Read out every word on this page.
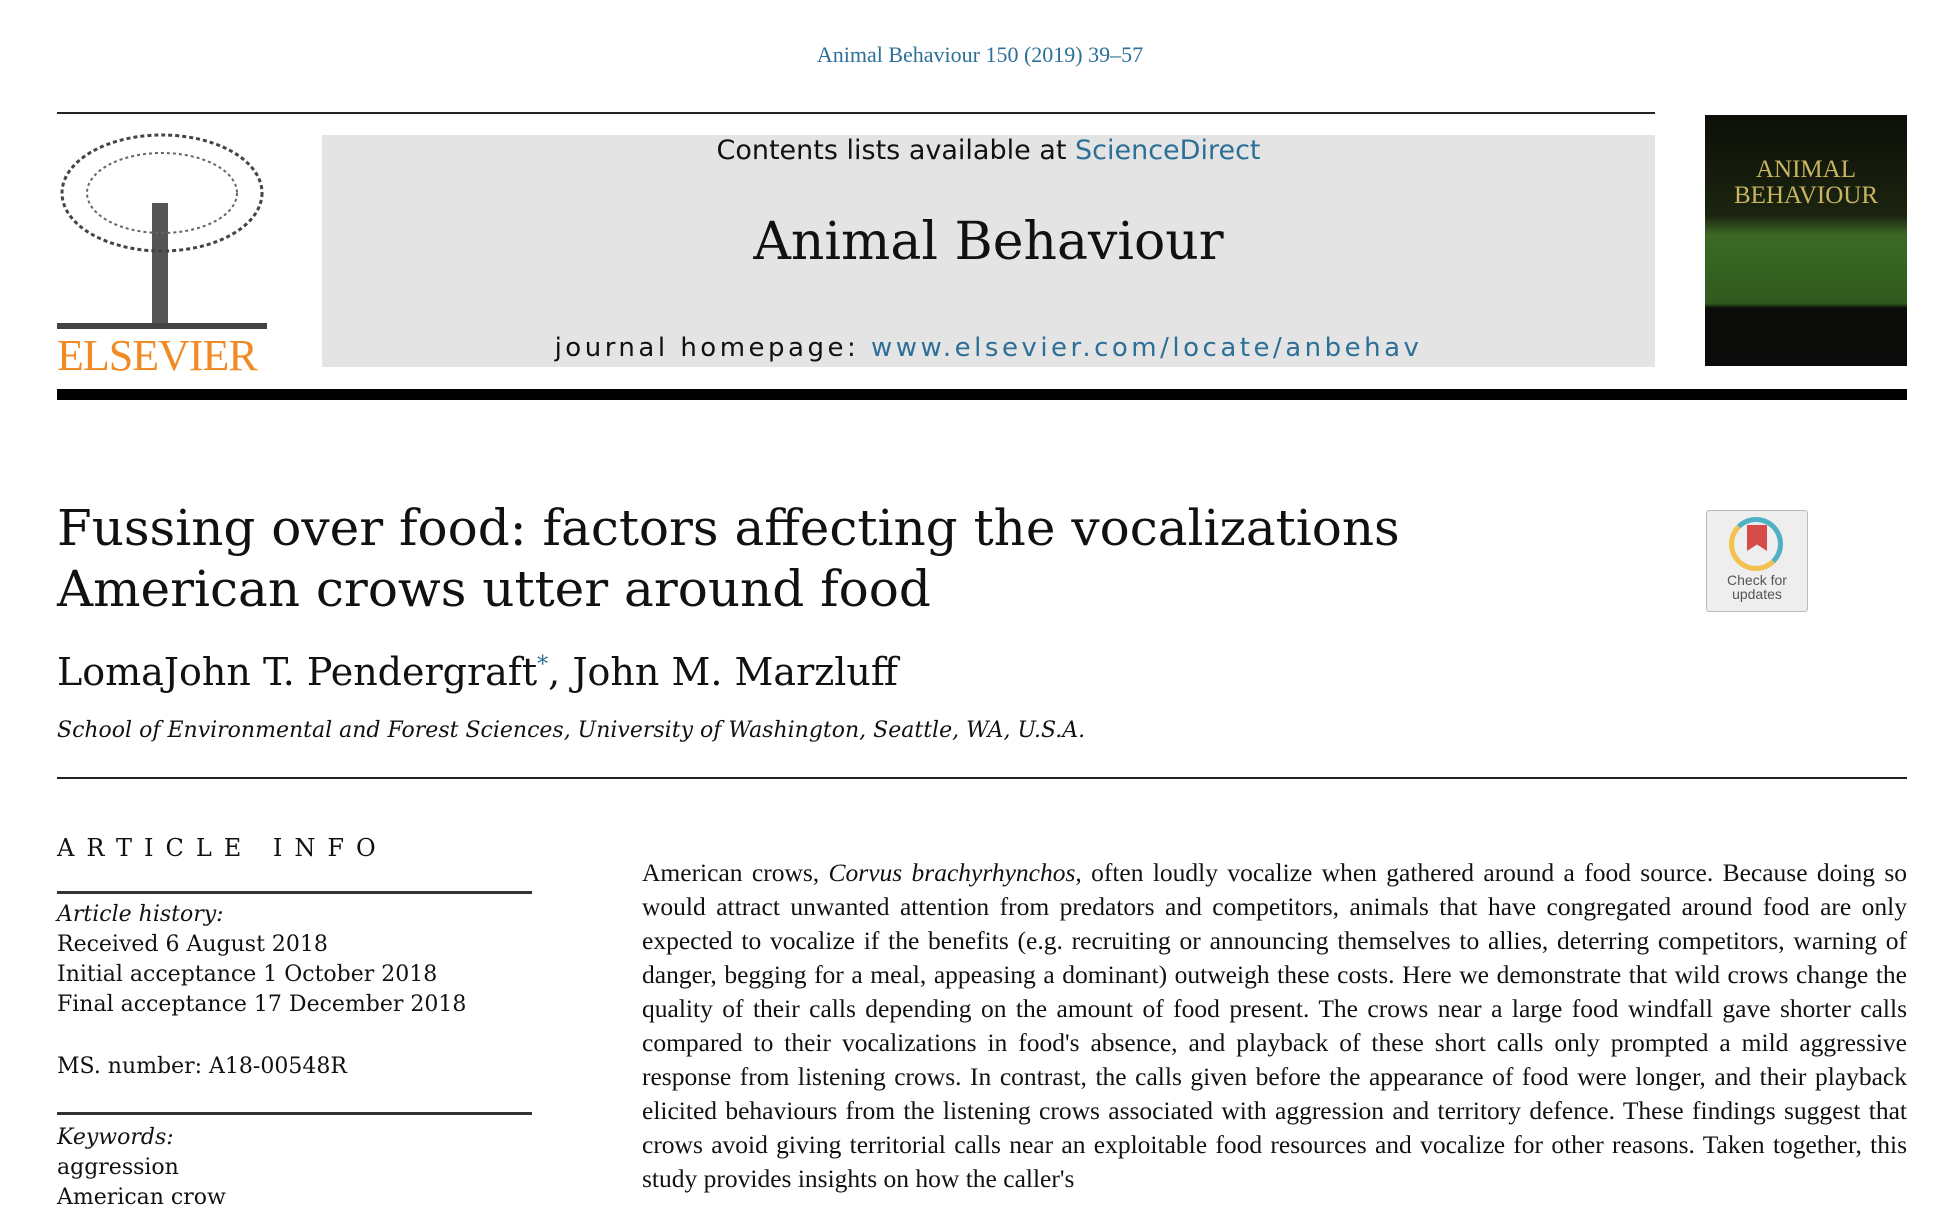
Animal Behaviour 150 (2019) 39–57
ELSEVIER
Contents lists available at ScienceDirect
Animal Behaviour
journal homepage: www.elsevier.com/locate/anbehav
ANIMAL BEHAVIOUR
Fussing over food: factors affecting the vocalizations American crows utter around food	Check for updates
LomaJohn T. Pendergraft*, John M. Marzluff
School of Environmental and Forest Sciences, University of Washington, Seattle, WA, U.S.A.
ARTICLE INFO
Article history:
Received 6 August 2018
Initial acceptance 1 October 2018
Final acceptance 17 December 2018
MS. number: A18-00548R
Keywords:
aggression
American crow
American crows, Corvus brachyrhynchos, often loudly vocalize when gathered around a food source. Because doing so would attract unwanted attention from predators and competitors, animals that have congregated around food are only expected to vocalize if the benefits (e.g. recruiting or announcing themselves to allies, deterring competitors, warning of danger, begging for a meal, appeasing a dominant) outweigh these costs. Here we demonstrate that wild crows change the quality of their calls depending on the amount of food present. The crows near a large food windfall gave shorter calls compared to their vocalizations in food's absence, and playback of these short calls only prompted a mild aggressive response from listening crows. In contrast, the calls given before the appearance of food were longer, and their playback elicited behaviours from the listening crows associated with aggression and territory defence. These findings suggest that crows avoid giving territorial calls near an exploitable food resources and vocalize for other reasons. Taken together, this study provides insights on how the caller's
